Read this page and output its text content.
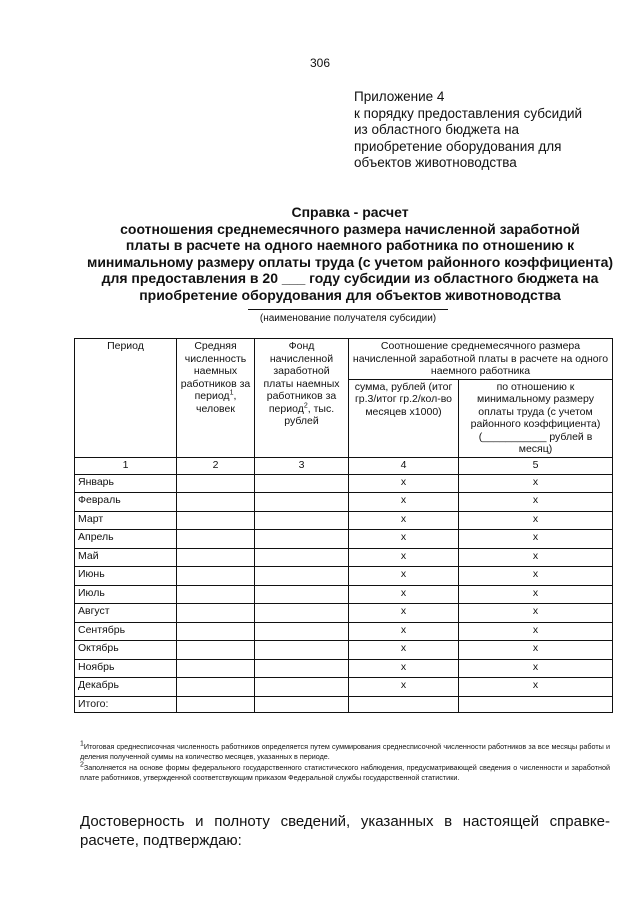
306
Приложение 4
к порядку предоставления субсидий
из областного бюджета на
приобретение оборудования для
объектов животноводства
Справка - расчет
соотношения среднемесячного размера начисленной заработной
платы в расчете на одного наемного работника по отношению к
минимальному размеру оплаты труда (с учетом районного коэффициента)
для предоставления в 20 ___ году субсидии из областного бюджета на
приобретение оборудования для объектов животноводства
(наименование получателя субсидии)
Период	Средняя численность наемных работников за период$^1$, человек	Фонд начисленной заработной платы наемных работников за период$^2$, тыс. рублей	Соотношение среднемесячного размера начисленной заработной платы в расчете на одного наемного работника	
			сумма, рублей (итог гр.3/итог гр.2/кол-во месяцев х1000)	по отношению к минимальному размеру оплаты труда (с учетом районного коэффициента) (___________ рублей в месяц)
1	2	3	4	5
Январь			х	х
Февраль			х	х
Март			х	х
Апрель			х	х
Май			х	х
Июнь			х	х
Июль			х	х
Август			х	х
Сентябрь			х	х
Октябрь			х	х
Ноябрь			х	х
Декабрь			х	х
Итого:				

$^1$Итоговая среднесписочная численность работников определяется путем суммирования среднесписочной численности работников за все месяцы работы и деления полученной суммы на количество месяцев, указанных в периоде.

$^2$Заполняется на основе формы федерального государственного статистического наблюдения, предусматривающей сведения о численности и заработной плате работников, утвержденной соответствующим приказом Федеральной службы государственной статистики.

Достоверность и полноту сведений, указанных в настоящей справке-расчете, подтверждаю:
